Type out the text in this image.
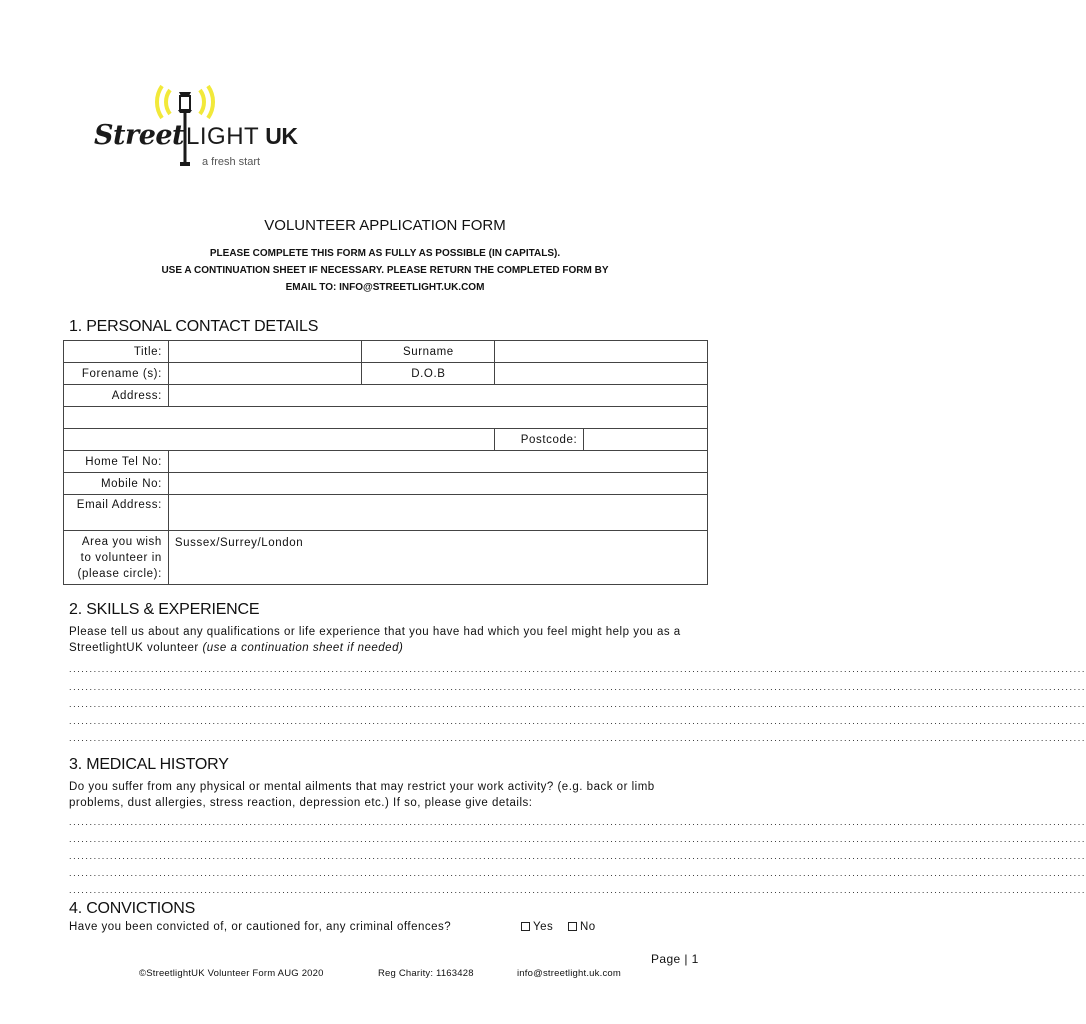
StreetLIGHT UK
a fresh start
VOLUNTEER APPLICATION FORM
PLEASE COMPLETE THIS FORM AS FULLY AS POSSIBLE (IN CAPITALS).
USE A CONTINUATION SHEET IF NECESSARY. PLEASE RETURN THE COMPLETED FORM BY
EMAIL TO: INFO@STREETLIGHT.UK.COM
1. PERSONAL CONTACT DETAILS
Title:		Surname		
Forename (s):		D.O.B		
Address:				

			Postcode:	
Home Tel No:				
Mobile No:				
Email Address:				
Area you wish
to volunteer in
(please circle):	Sussex/Surrey/London			
2. SKILLS & EXPERIENCE
Please tell us about any qualifications or life experience that you have had which you feel might help you as a StreetlightUK volunteer (use a continuation sheet if needed)
........................................................................................................................................................................................................................................................
........................................................................................................................................................................................................................................................
........................................................................................................................................................................................................................................................
........................................................................................................................................................................................................................................................
........................................................................................................................................................................................................................................................
3. MEDICAL HISTORY
Do you suffer from any physical or mental ailments that may restrict your work activity? (e.g. back or limb problems, dust allergies, stress reaction, depression etc.) If so, please give details:
........................................................................................................................................................................................................................................................
........................................................................................................................................................................................................................................................
........................................................................................................................................................................................................................................................
........................................................................................................................................................................................................................................................
........................................................................................................................................................................................................................................................
4. CONVICTIONS
Have you been convicted of, or cautioned for, any criminal offences?	Yes	No
Page | 1
©StreetlightUK Volunteer Form AUG 2020	Reg Charity: 1163428	info@streetlight.uk.com
